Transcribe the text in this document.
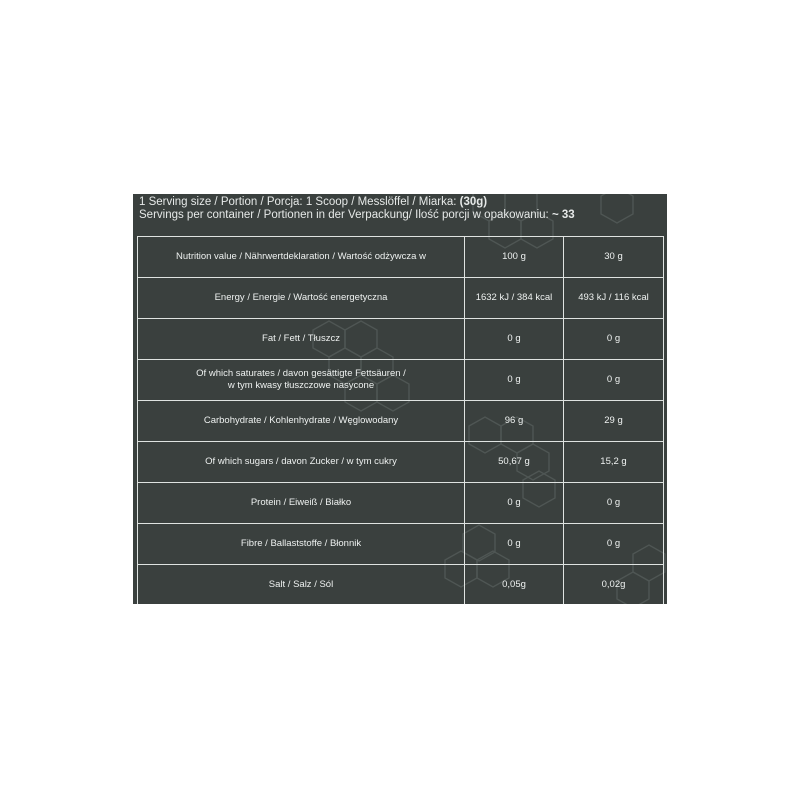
1 Serving size / Portion / Porcja: 1 Scoop / Messlöffel / Miarka: (30g)
Servings per container / Portionen in der Verpackung/ Ilość porcji w opakowaniu: ~ 33
Nutrition value / Nährwertdeklaration / Wartość odżywcza w	100 g	30 g
Energy / Energie / Wartość energetyczna	1632 kJ / 384 kcal	493 kJ / 116 kcal
Fat / Fett / Tłuszcz	0 g	0 g

Of which saturates / davon gesättigte Fettsäuren /
w tym kwasy tłuszczowe nasycone	0 g	0 g
Carbohydrate / Kohlenhydrate / Węglowodany	96 g	29 g
Of which sugars / davon Zucker / w tym cukry	50,67 g	15,2 g
Protein / Eiweiß / Białko	0 g	0 g
Fibre / Ballaststoffe / Błonnik	0 g	0 g
Salt / Salz / Sól	0,05g	0,02g
